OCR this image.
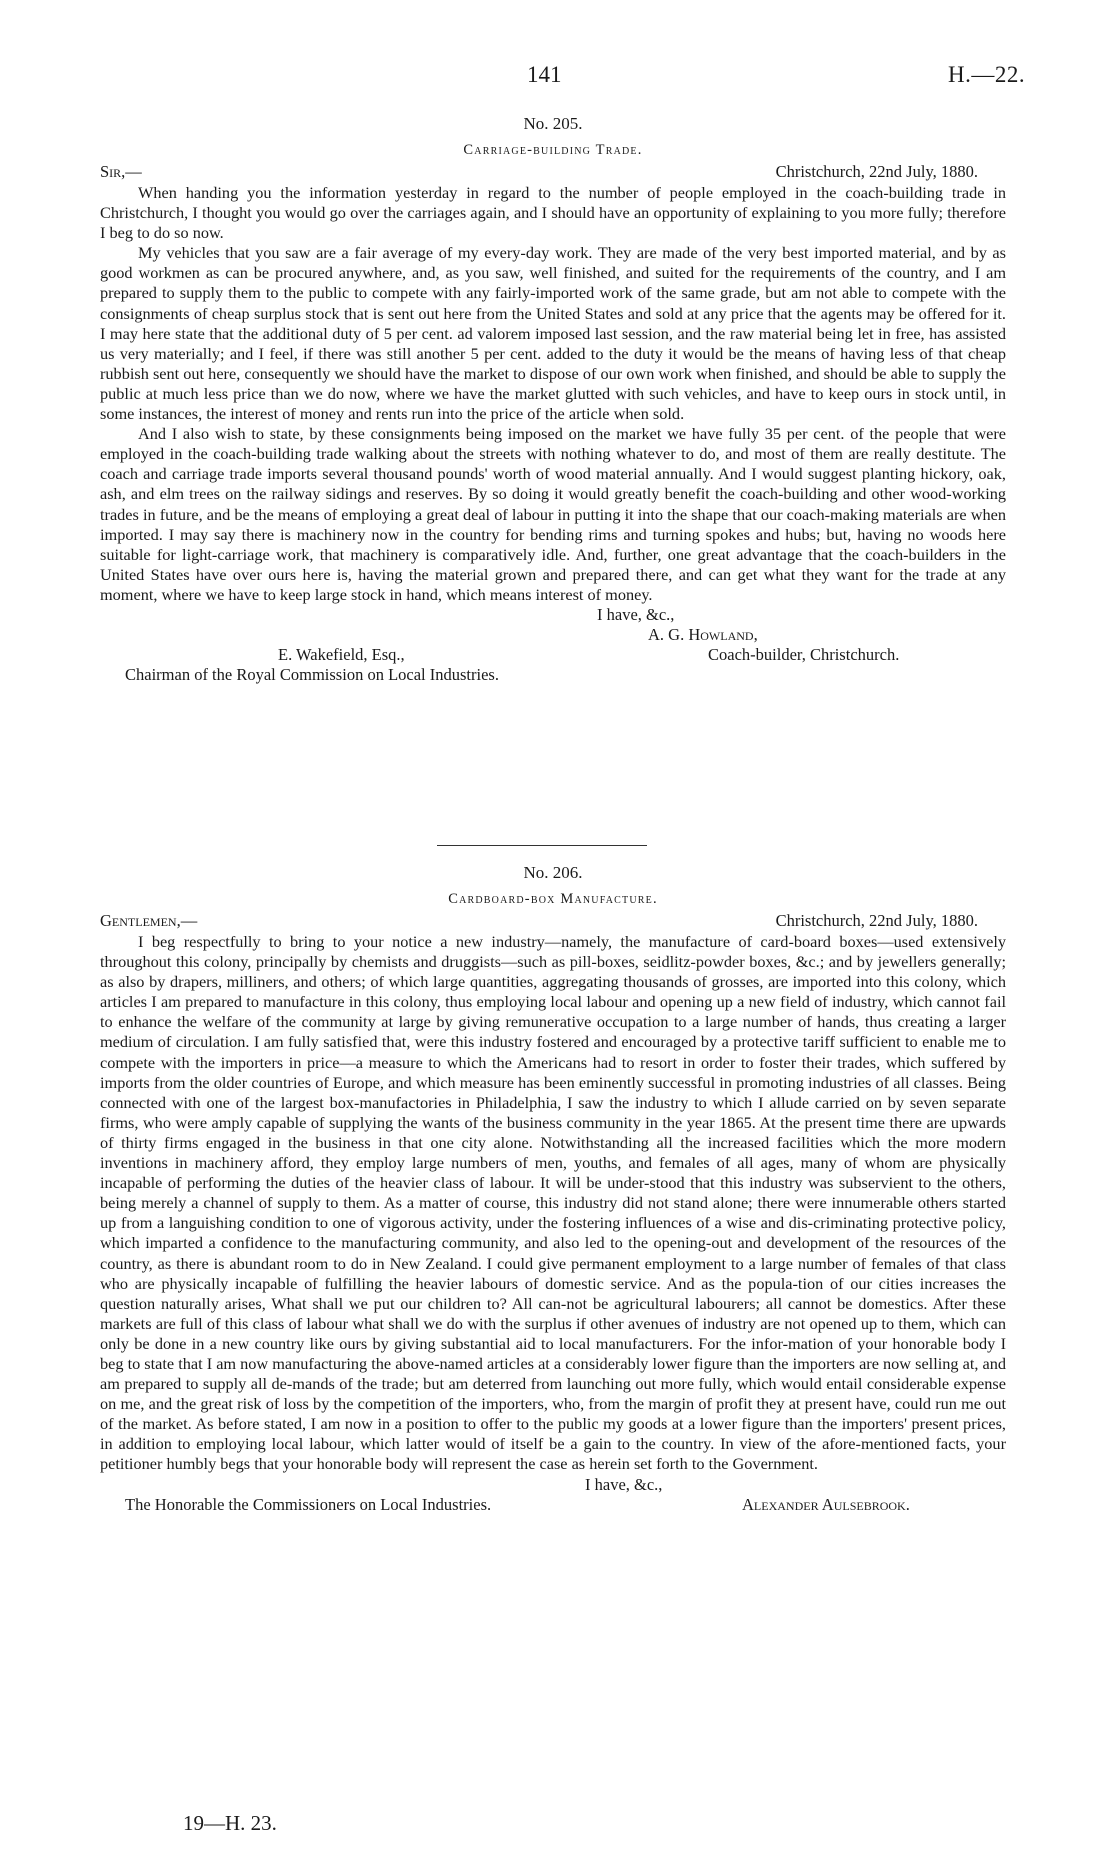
141	H.—22.
No. 205.
Carriage-building Trade.
Sir,—	Christchurch, 22nd July, 1880.

When handing you the information yesterday in regard to the number of people employed in the coach-building trade in Christchurch, I thought you would go over the carriages again, and I should have an opportunity of explaining to you more fully; therefore I beg to do so now.

My vehicles that you saw are a fair average of my every-day work. They are made of the very best imported material, and by as good workmen as can be procured anywhere, and, as you saw, well finished, and suited for the requirements of the country, and I am prepared to supply them to the public to compete with any fairly-imported work of the same grade, but am not able to compete with the consignments of cheap surplus stock that is sent out here from the United States and sold at any price that the agents may be offered for it. I may here state that the additional duty of 5 per cent. ad valorem imposed last session, and the raw material being let in free, has assisted us very materially; and I feel, if there was still another 5 per cent. added to the duty it would be the means of having less of that cheap rubbish sent out here, consequently we should have the market to dispose of our own work when finished, and should be able to supply the public at much less price than we do now, where we have the market glutted with such vehicles, and have to keep ours in stock until, in some instances, the interest of money and rents run into the price of the article when sold.

And I also wish to state, by these consignments being imposed on the market we have fully 35 per cent. of the people that were employed in the coach-building trade walking about the streets with nothing whatever to do, and most of them are really destitute. The coach and carriage trade imports several thousand pounds' worth of wood material annually. And I would suggest planting hickory, oak, ash, and elm trees on the railway sidings and reserves. By so doing it would greatly benefit the coach-building and other wood-working trades in future, and be the means of employing a great deal of labour in putting it into the shape that our coach-making materials are when imported. I may say there is machinery now in the country for bending rims and turning spokes and hubs; but, having no woods here suitable for light-carriage work, that machinery is comparatively idle. And, further, one great advantage that the coach-builders in the United States have over ours here is, having the material grown and prepared there, and can get what they want for the trade at any moment, where we have to keep large stock in hand, which means interest of money.

I have, &c.,
A. G. Howland,
E. Wakefield, Esq.,	Coach-builder, Christchurch.
Chairman of the Royal Commission on Local Industries.
No. 206.
Cardboard-box Manufacture.
Gentlemen,—	Christchurch, 22nd July, 1880.

I beg respectfully to bring to your notice a new industry—namely, the manufacture of card-board boxes—used extensively throughout this colony, principally by chemists and druggists—such as pill-boxes, seidlitz-powder boxes, &c.; and by jewellers generally; as also by drapers, milliners, and others; of which large quantities, aggregating thousands of grosses, are imported into this colony, which articles I am prepared to manufacture in this colony, thus employing local labour and opening up a new field of industry, which cannot fail to enhance the welfare of the community at large by giving remunerative occupation to a large number of hands, thus creating a larger medium of circulation. I am fully satisfied that, were this industry fostered and encouraged by a protective tariff sufficient to enable me to compete with the importers in price—a measure to which the Americans had to resort in order to foster their trades, which suffered by imports from the older countries of Europe, and which measure has been eminently successful in promoting industries of all classes. Being connected with one of the largest box-manufactories in Philadelphia, I saw the industry to which I allude carried on by seven separate firms, who were amply capable of supplying the wants of the business community in the year 1865. At the present time there are upwards of thirty firms engaged in the business in that one city alone. Notwithstanding all the increased facilities which the more modern inventions in machinery afford, they employ large numbers of men, youths, and females of all ages, many of whom are physically incapable of performing the duties of the heavier class of labour. It will be under-stood that this industry was subservient to the others, being merely a channel of supply to them. As a matter of course, this industry did not stand alone; there were innumerable others started up from a languishing condition to one of vigorous activity, under the fostering influences of a wise and dis-criminating protective policy, which imparted a confidence to the manufacturing community, and also led to the opening-out and development of the resources of the country, as there is abundant room to do in New Zealand. I could give permanent employment to a large number of females of that class who are physically incapable of fulfilling the heavier labours of domestic service. And as the popula-tion of our cities increases the question naturally arises, What shall we put our children to? All can-not be agricultural labourers; all cannot be domestics. After these markets are full of this class of labour what shall we do with the surplus if other avenues of industry are not opened up to them, which can only be done in a new country like ours by giving substantial aid to local manufacturers. For the infor-mation of your honorable body I beg to state that I am now manufacturing the above-named articles at a considerably lower figure than the importers are now selling at, and am prepared to supply all de-mands of the trade; but am deterred from launching out more fully, which would entail considerable expense on me, and the great risk of loss by the competition of the importers, who, from the margin of profit they at present have, could run me out of the market. As before stated, I am now in a position to offer to the public my goods at a lower figure than the importers' present prices, in addition to employing local labour, which latter would of itself be a gain to the country. In view of the afore-mentioned facts, your petitioner humbly begs that your honorable body will represent the case as herein set forth to the Government.

I have, &c.,
The Honorable the Commissioners on Local Industries.	Alexander Aulsebrook.
19—H. 23.
